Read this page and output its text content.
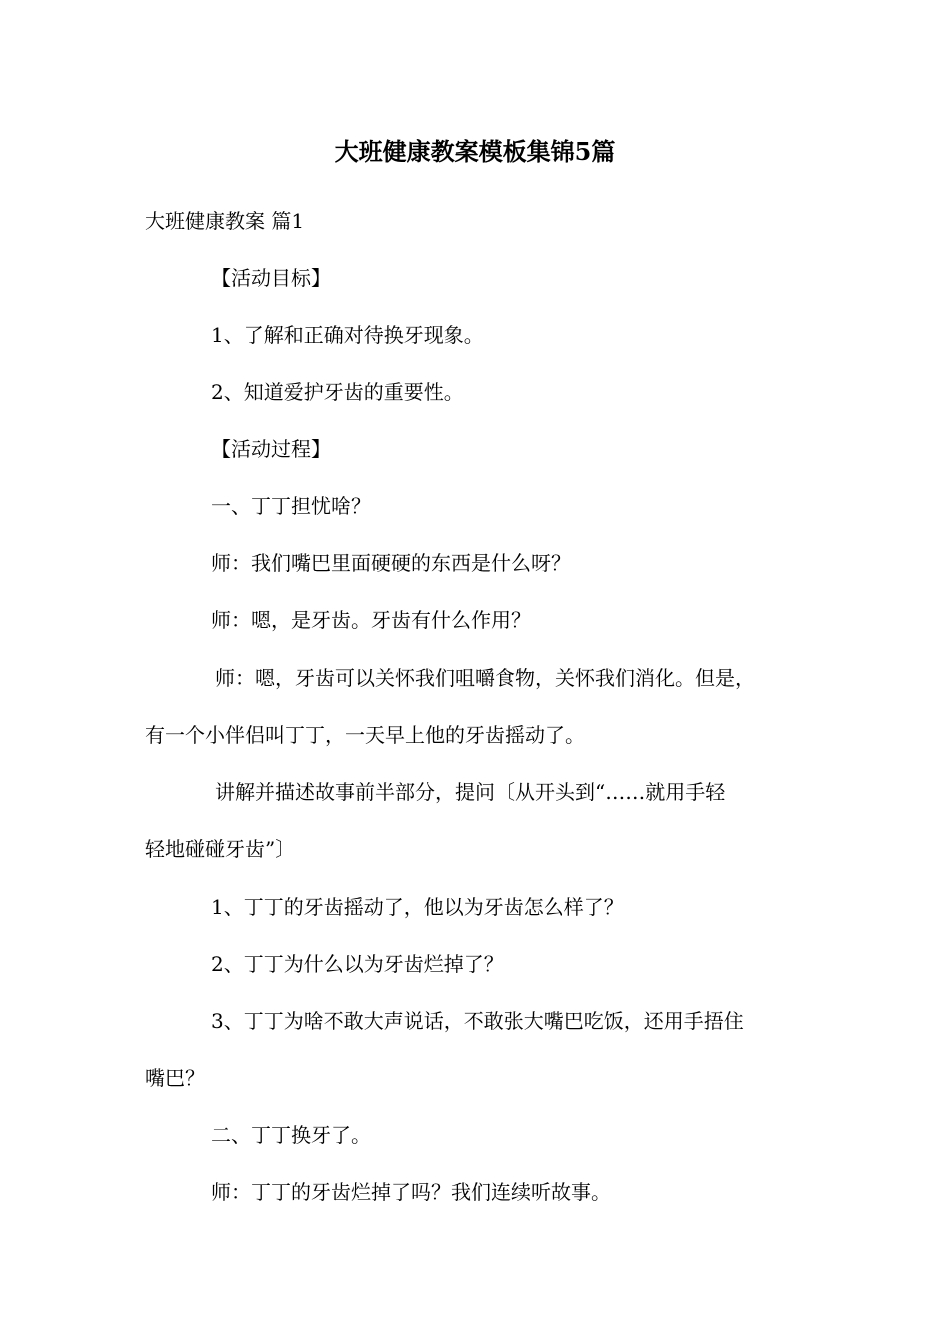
大班健康教案模板集锦5篇
大班健康教案 篇1
【活动目标】
1、了解和正确对待换牙现象。
2、知道爱护牙齿的重要性。
【活动过程】
一、丁丁担忧啥？
师：我们嘴巴里面硬硬的东西是什么呀？
师：嗯，是牙齿。牙齿有什么作用？
师：嗯，牙齿可以关怀我们咀嚼食物，关怀我们消化。但是，
有一个小伴侣叫丁丁，一天早上他的牙齿摇动了。
讲解并描述故事前半部分，提问〔从开头到“……就用手轻
轻地碰碰牙齿”〕
1、丁丁的牙齿摇动了，他以为牙齿怎么样了？
2、丁丁为什么以为牙齿烂掉了？
3、丁丁为啥不敢大声说话，不敢张大嘴巴吃饭，还用手捂住
嘴巴？
二、丁丁换牙了。
师：丁丁的牙齿烂掉了吗？我们连续听故事。
